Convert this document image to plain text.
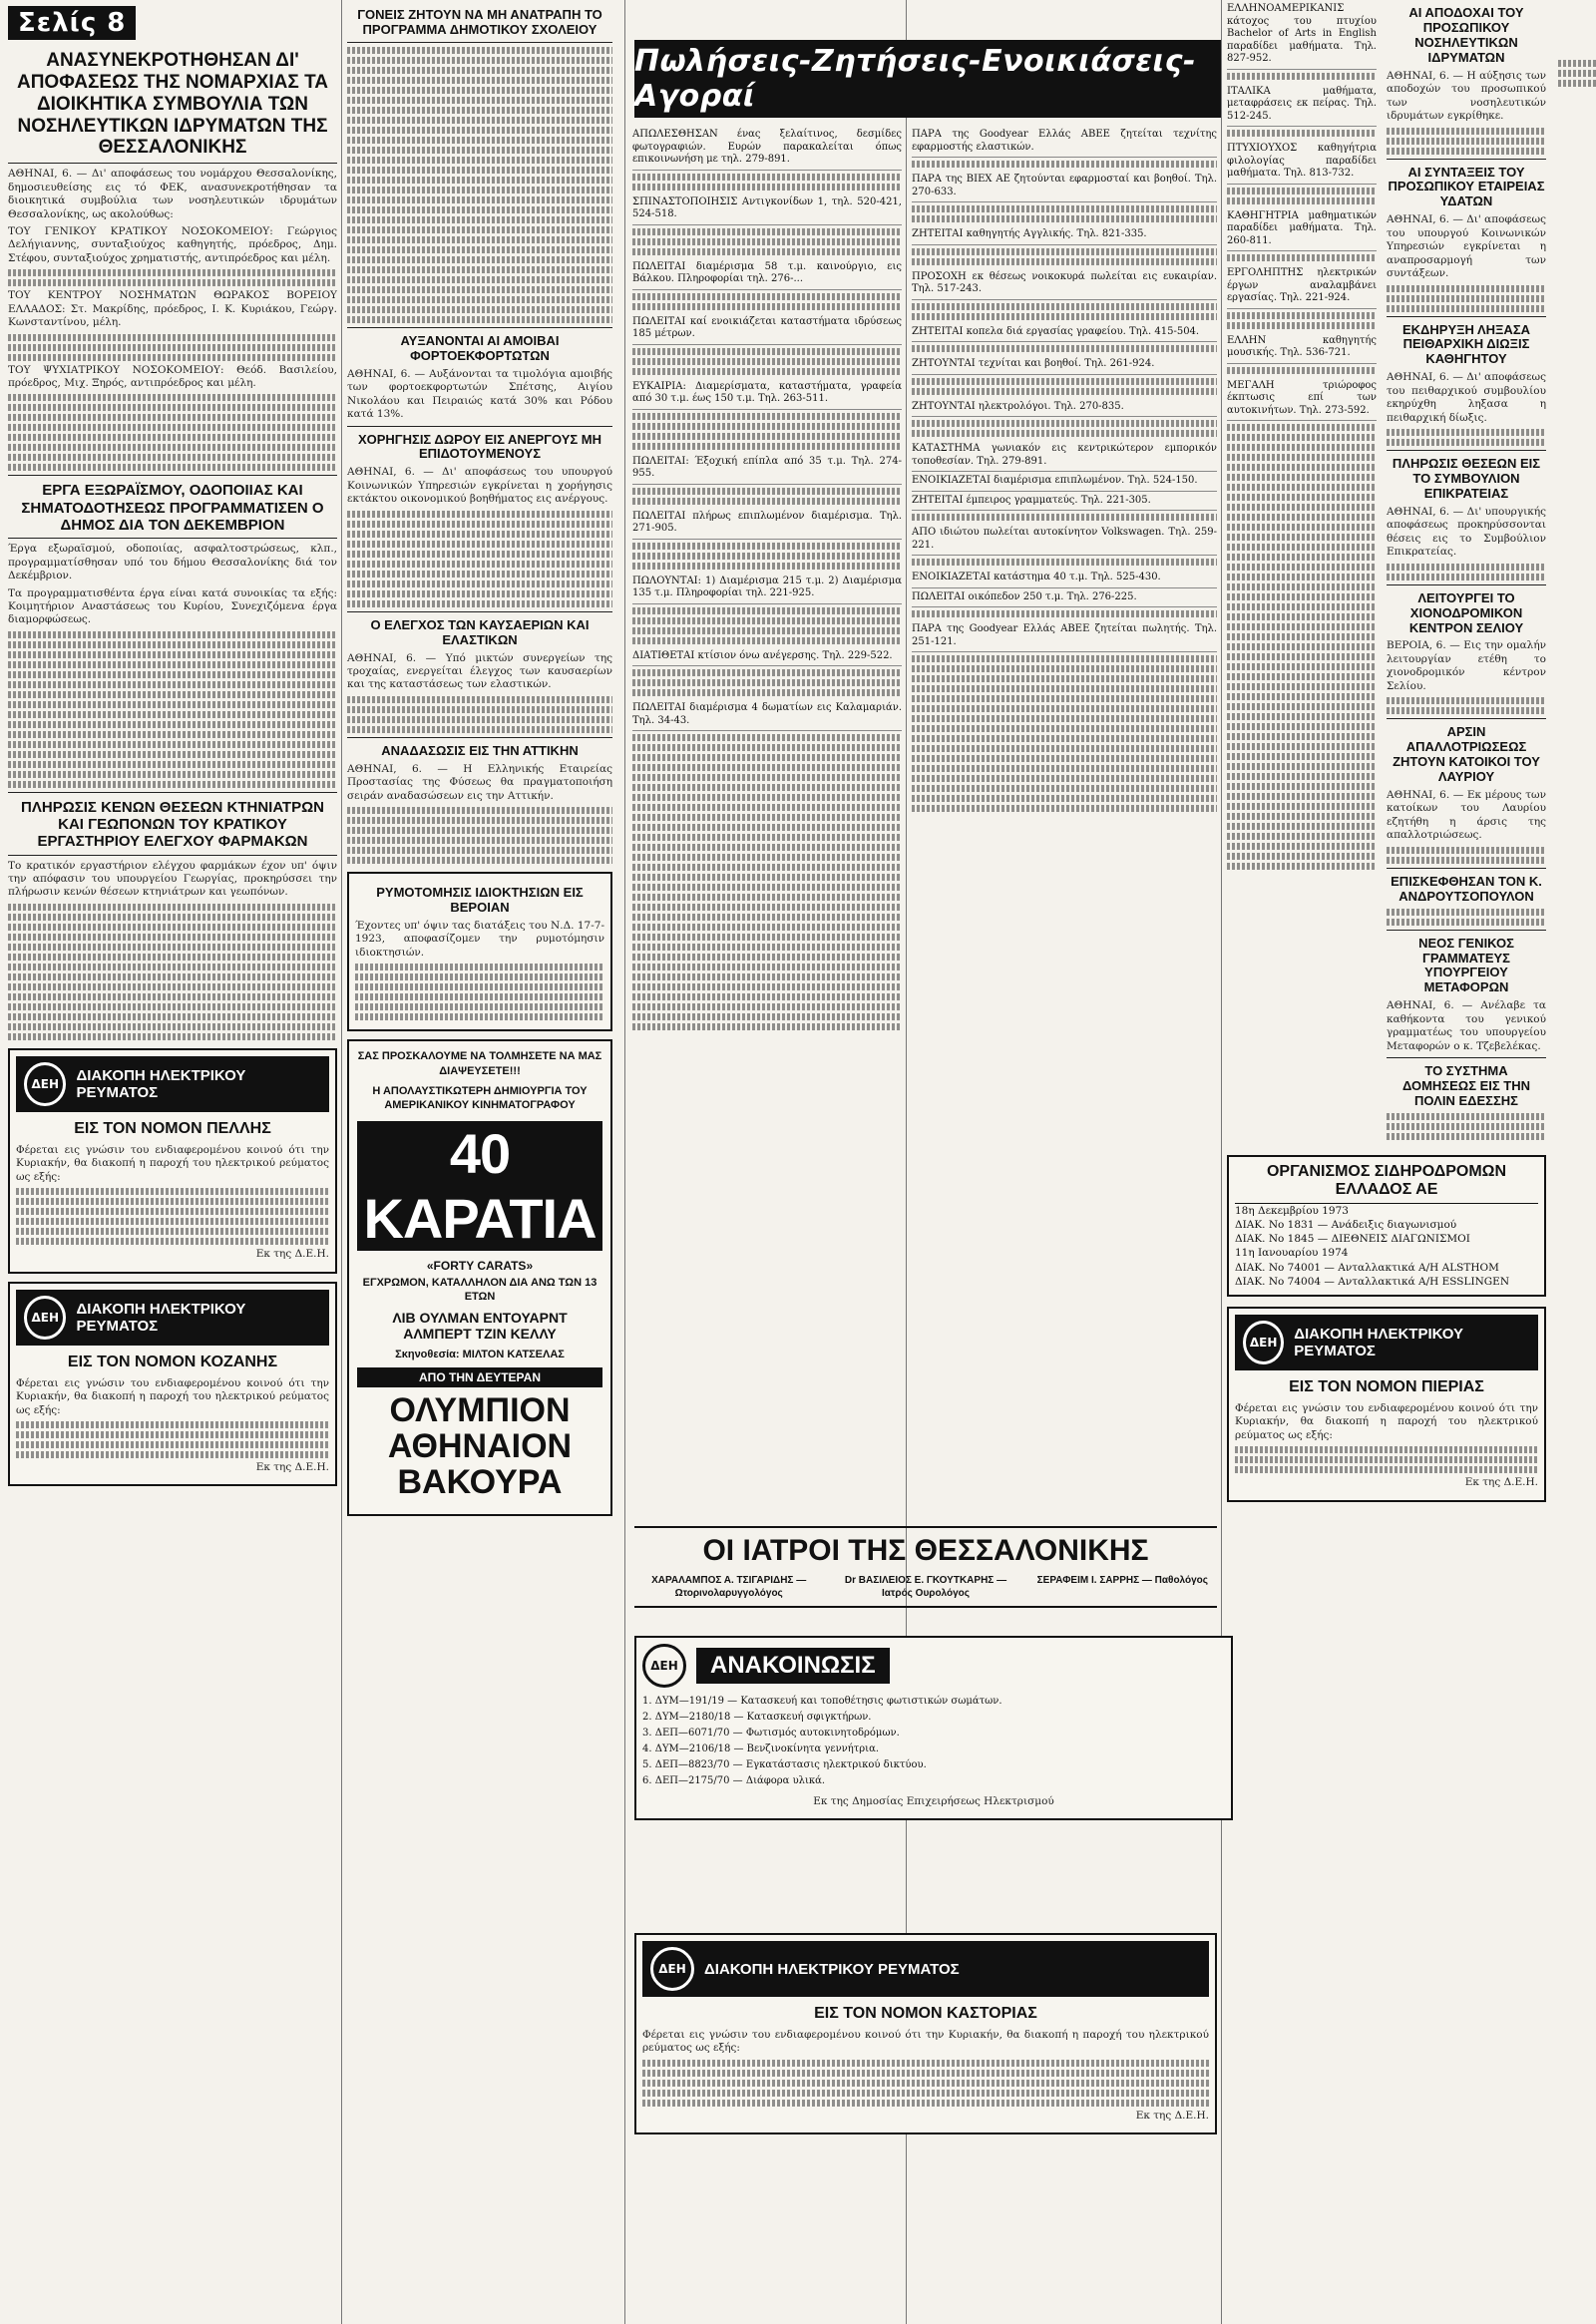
Σελίς 8
ΑΝΑΣΥΝΕΚΡΟΤΗΘΗΣΑΝ ΔΙ' ΑΠΟΦΑΣΕΩΣ ΤΗΣ ΝΟΜΑΡΧΙΑΣ ΤΑ ΔΙΟΙΚΗΤΙΚΑ ΣΥΜΒΟΥΛΙΑ ΤΩΝ ΝΟΣΗΛΕΥΤΙΚΩΝ ΙΔΡΥΜΑΤΩΝ ΤΗΣ ΘΕΣΣΑΛΟΝΙΚΗΣ

ΑΘΗΝΑΙ, 6. — Δι' αποφάσεως του νομάρχου Θεσσαλονίκης, δημοσιευθείσης εις τό ΦΕΚ, ανασυνεκροτήθησαν τα διοικητικά συμβούλια των νοσηλευτικών ιδρυμάτων Θεσσαλονίκης, ως ακολούθως:

ΤΟΥ ΓΕΝΙΚΟΥ ΚΡΑΤΙΚΟΥ ΝΟΣΟΚΟΜΕΙΟΥ: Γεώργιος Δελήγιαννης, συνταξιούχος καθηγητής, πρόεδρος, Δημ. Στέφου, συνταξιούχος χρηματιστής, αντιπρόεδρος και μέλη.

ΤΟΥ ΚΕΝΤΡΟΥ ΝΟΣΗΜΑΤΩΝ ΘΩΡΑΚΟΣ ΒΟΡΕΙΟΥ ΕΛΛΑΔΟΣ: Στ. Μακρίδης, πρόεδρος, Ι. Κ. Κυριάκου, Γεώργ. Κωνσταντίνου, μέλη.

ΤΟΥ ΨΥΧΙΑΤΡΙΚΟΥ ΝΟΣΟΚΟΜΕΙΟΥ: Θεόδ. Βασιλείου, πρόεδρος, Μιχ. Ξηρός, αντιπρόεδρος και μέλη.

ΕΡΓΑ ΕΞΩΡΑΪΣΜΟΥ, ΟΔΟΠΟΙΙΑΣ ΚΑΙ ΣΗΜΑΤΟΔΟΤΗΣΕΩΣ ΠΡΟΓΡΑΜΜΑΤΙΣΕΝ Ο ΔΗΜΟΣ ΔΙΑ ΤΟΝ ΔΕΚΕΜΒΡΙΟΝ

Έργα εξωραϊσμού, οδοποιίας, ασφαλτοστρώσεως, κλπ., προγραμματίσθησαν υπό του δήμου Θεσσαλονίκης διά τον Δεκέμβριον.

Τα προγραμματισθέντα έργα είναι κατά συνοικίας τα εξής: Κοιμητήριον Αναστάσεως του Κυρίου, Συνεχιζόμενα έργα διαμορφώσεως.

ΠΛΗΡΩΣΙΣ ΚΕΝΩΝ ΘΕΣΕΩΝ ΚΤΗΝΙΑΤΡΩΝ ΚΑΙ ΓΕΩΠΟΝΩΝ ΤΟΥ ΚΡΑΤΙΚΟΥ ΕΡΓΑΣΤΗΡΙΟΥ ΕΛΕΓΧΟΥ ΦΑΡΜΑΚΩΝ

Το κρατικόν εργαστήριον ελέγχου φαρμάκων έχον υπ' όψιν την απόφασιν του υπουργείου Γεωργίας, προκηρύσσει την πλήρωσιν κενών θέσεων κτηνιάτρων και γεωπόνων.

ΔΕΗ	ΔΙΑΚΟΠΗ ΗΛΕΚΤΡΙΚΟΥ ΡΕΥΜΑΤΟΣ
ΕΙΣ ΤΟΝ ΝΟΜΟΝ ΠΕΛΛΗΣ

Φέρεται εις γνώσιν του ενδιαφερομένου κοινού ότι την Κυριακήν, θα διακοπή η παροχή του ηλεκτρικού ρεύματος ως εξής:

Εκ της Δ.Ε.Η.

ΔΕΗ	ΔΙΑΚΟΠΗ ΗΛΕΚΤΡΙΚΟΥ ΡΕΥΜΑΤΟΣ
ΕΙΣ ΤΟΝ ΝΟΜΟΝ ΚΟΖΑΝΗΣ

Φέρεται εις γνώσιν του ενδιαφερομένου κοινού ότι την Κυριακήν, θα διακοπή η παροχή του ηλεκτρικού ρεύματος ως εξής:

Εκ της Δ.Ε.Η.

ΓΟΝΕΙΣ ΖΗΤΟΥΝ ΝΑ ΜΗ ΑΝΑΤΡΑΠΗ ΤΟ ΠΡΟΓΡΑΜΜΑ ΔΗΜΟΤΙΚΟΥ ΣΧΟΛΕΙΟΥ
ΑΥΞΑΝΟΝΤΑΙ ΑΙ ΑΜΟΙΒΑΙ ΦΟΡΤΟΕΚΦΟΡΤΩΤΩΝ

ΑΘΗΝΑΙ, 6. — Αυξάνονται τα τιμολόγια αμοιβής των φορτοεκφορτωτών Σπέτσης, Αιγίου Νικολάου και Πειραιώς κατά 30% και Ρόδου κατά 13%.

ΧΟΡΗΓΗΣΙΣ ΔΩΡΟΥ ΕΙΣ ΑΝΕΡΓΟΥΣ ΜΗ ΕΠΙΔΟΤΟΥΜΕΝΟΥΣ

ΑΘΗΝΑΙ, 6. — Δι' αποφάσεως του υπουργού Κοινωνικών Υπηρεσιών εγκρίνεται η χορήγησις εκτάκτου οικονομικού βοηθήματος εις ανέργους.

Ο ΕΛΕΓΧΟΣ ΤΩΝ ΚΑΥΣΑΕΡΙΩΝ ΚΑΙ ΕΛΑΣΤΙΚΩΝ

ΑΘΗΝΑΙ, 6. — Υπό μικτών συνεργείων της τροχαίας, ενεργείται έλεγχος των καυσαερίων και της καταστάσεως των ελαστικών.

ΑΝΑΔΑΣΩΣΙΣ ΕΙΣ ΤΗΝ ΑΤΤΙΚΗΝ

ΑΘΗΝΑΙ, 6. — Η Ελληνικής Εταιρείας Προστασίας της Φύσεως θα πραγματοποιήση σειράν αναδασώσεων εις την Αττικήν.

ΡΥΜΟΤΟΜΗΣΙΣ ΙΔΙΟΚΤΗΣΙΩΝ ΕΙΣ ΒΕΡΟΙΑΝ

Έχοντες υπ' όψιν τας διατάξεις του Ν.Δ. 17-7-1923, αποφασίζομεν την ρυμοτόμησιν ιδιοκτησιών.

ΣΑΣ ΠΡΟΣΚΑΛΟΥΜΕ ΝΑ ΤΟΛΜΗΣΕΤΕ ΝΑ ΜΑΣ ΔΙΑΨΕΥΣΕΤΕ!!!
Η ΑΠΟΛΑΥΣΤΙΚΩΤΕΡΗ ΔΗΜΙΟΥΡΓΙΑ ΤΟΥ ΑΜΕΡΙΚΑΝΙΚΟΥ ΚΙΝΗΜΑΤΟΓΡΑΦΟΥ
40 ΚΑΡΑΤΙΑ
«FORTY CARATS»
ΕΓΧΡΩΜΟΝ, ΚΑΤΑΛΛΗΛΟΝ ΔΙΑ ΑΝΩ ΤΩΝ 13 ΕΤΩΝ
ΛΙΒ ΟΥΛΜΑΝ ΕΝΤΟΥΑΡΝΤ ΑΛΜΠΕΡΤ ΤΖΙΝ ΚΕΛΛΥ
Σκηνοθεσία: ΜΙΛΤΟΝ ΚΑΤΣΕΛΑΣ
ΑΠΟ ΤΗΝ ΔΕΥΤΕΡΑΝ
ΟΛΥΜΠΙΟΝ ΑΘΗΝΑΙΟΝ ΒΑΚΟΥΡΑ
Πωλήσεις-Ζητήσεις-Ενοικιάσεις-Αγοραί
ΑΠΩΛΕΣΘΗΣΑΝ ένας ξελαίτινος, δεσμίδες φωτογραφιών. Ευρών παρακαλείται όπως επικοινωνήση με τηλ. 279-891.
ΣΠΙΝΑΣΤΟΠΟΙΗΣΙΣ Αντιγκονίδων 1, τηλ. 520-421, 524-518.
ΠΩΛΕΙΤΑΙ διαμέρισμα 58 τ.μ. καινούργιο, εις Βάλκου. Πληροφορίαι τηλ. 276-...
ΠΩΛΕΙΤΑΙ καί ενοικιάζεται καταστήματα ιδρύσεως 185 μέτρων.
ΕΥΚΑΙΡΙΑ: Διαμερίσματα, καταστήματα, γραφεία από 30 τ.μ. έως 150 τ.μ. Τηλ. 263-511.
ΠΩΛΕΙΤΑΙ: Έξοχική επίπλα από 35 τ.μ. Τηλ. 274-955.
ΠΩΛΕΙΤΑΙ πλήρως επιπλωμένον διαμέρισμα. Τηλ. 271-905.
ΠΩΛΟΥΝΤΑΙ: 1) Διαμέρισμα 215 τ.μ. 2) Διαμέρισμα 135 τ.μ. Πληροφορίαι τηλ. 221-925.
ΔΙΑΤΙΘΕΤΑΙ κτίσιον όνω ανέγερσης. Τηλ. 229-522.
ΠΩΛΕΙΤΑΙ διαμέρισμα 4 δωματίων εις Καλαμαριάν. Τηλ. 34-43.
ΠΑΡΑ της Goodyear Ελλάς ΑΒΕΕ ζητείται τεχνίτης εφαρμοστής ελαστικών.
ΠΑΡΑ της ΒΙΕΧ ΑΕ ζητούνται εφαρμοσταί και βοηθοί. Τηλ. 270-633.
ΖΗΤΕΙΤΑΙ καθηγητής Αγγλικής. Τηλ. 821-335.
ΠΡΟΣΟΧΗ εκ θέσεως νοικοκυρά πωλείται εις ευκαιρίαν. Τηλ. 517-243.
ΖΗΤΕΙΤΑΙ κοπελα διά εργασίας γραφείου. Τηλ. 415-504.
ΖΗΤΟΥΝΤΑΙ τεχνίται και βοηθοί. Τηλ. 261-924.
ΖΗΤΟΥΝΤΑΙ ηλεκτρολόγοι. Τηλ. 270-835.
ΚΑΤΑΣΤΗΜΑ γωνιακόν εις κεντρικώτερον εμπορικόν τοποθεσίαν. Τηλ. 279-891.
ΕΝΟΙΚΙΑΖΕΤΑΙ διαμέρισμα επιπλωμένον. Τηλ. 524-150.
ΖΗΤΕΙΤΑΙ έμπειρος γραμματεύς. Τηλ. 221-305.
ΑΠΟ ιδιώτου πωλείται αυτοκίνητον Volkswagen. Τηλ. 259-221.
ΕΝΟΙΚΙΑΖΕΤΑΙ κατάστημα 40 τ.μ. Τηλ. 525-430.
ΠΩΛΕΙΤΑΙ οικόπεδον 250 τ.μ. Τηλ. 276-225.
ΠΑΡΑ της Goodyear Ελλάς ΑΒΕΕ ζητείται πωλητής. Τηλ. 251-121.
ΕΛΛΗΝΟΑΜΕΡΙΚΑΝΙΣ κάτοχος του πτυχίου Bachelor of Arts in English παραδίδει μαθήματα. Τηλ. 827-952.
ΙΤΑΛΙΚΑ μαθήματα, μεταφράσεις εκ πείρας. Τηλ. 512-245.
ΠΤΥΧΙΟΥΧΟΣ καθηγήτρια φιλολογίας παραδίδει μαθήματα. Τηλ. 813-732.
ΚΑΘΗΓΗΤΡΙΑ μαθηματικών παραδίδει μαθήματα. Τηλ. 260-811.
ΕΡΓΟΛΗΠΤΗΣ ηλεκτρικών έργων αναλαμβάνει εργασίας. Τηλ. 221-924.
ΕΛΛΗΝ καθηγητής μουσικής. Τηλ. 536-721.
ΜΕΓΑΛΗ τριώροφος έκπτωσις επί των αυτοκινήτων. Τηλ. 273-592.
ΑΙ ΑΠΟΔΟΧΑΙ ΤΟΥ ΠΡΟΣΩΠΙΚΟΥ ΝΟΣΗΛΕΥΤΙΚΩΝ ΙΔΡΥΜΑΤΩΝ

ΑΘΗΝΑΙ, 6. — Η αύξησις των αποδοχών του προσωπικού των νοσηλευτικών ιδρυμάτων εγκρίθηκε.

ΑΙ ΣΥΝΤΑΞΕΙΣ ΤΟΥ ΠΡΟΣΩΠΙΚΟΥ ΕΤΑΙΡΕΙΑΣ ΥΔΑΤΩΝ

ΑΘΗΝΑΙ, 6. — Δι' αποφάσεως του υπουργού Κοινωνικών Υπηρεσιών εγκρίνεται η αναπροσαρμογή των συντάξεων.

ΕΚΔΗΡΥΞΗ ΛΗΞΑΣΑ ΠΕΙΘΑΡΧΙΚΗ ΔΙΩΞΙΣ ΚΑΘΗΓΗΤΟΥ

ΑΘΗΝΑΙ, 6. — Δι' αποφάσεως του πειθαρχικού συμβουλίου εκηρύχθη ληξασα η πειθαρχική δίωξις.

ΠΛΗΡΩΣΙΣ ΘΕΣΕΩΝ ΕΙΣ ΤΟ ΣΥΜΒΟΥΛΙΟΝ ΕΠΙΚΡΑΤΕΙΑΣ

ΑΘΗΝΑΙ, 6. — Δι' υπουργικής αποφάσεως προκηρύσσονται θέσεις εις το Συμβούλιον Επικρατείας.

ΛΕΙΤΟΥΡΓΕΙ ΤΟ ΧΙΟΝΟΔΡΟΜΙΚΟΝ ΚΕΝΤΡΟΝ ΣΕΛΙΟΥ

ΒΕΡΟΙΑ, 6. — Εις την ομαλήν λειτουργίαν ετέθη το χιονοδρομικόν κέντρον Σελίου.

ΑΡΣΙΝ ΑΠΑΛΛΟΤΡΙΩΣΕΩΣ ΖΗΤΟΥΝ ΚΑΤΟΙΚΟΙ ΤΟΥ ΛΑΥΡΙΟΥ

ΑΘΗΝΑΙ, 6. — Εκ μέρους των κατοίκων του Λαυρίου εζητήθη η άρσις της απαλλοτριώσεως.

ΕΠΙΣΚΕΦΘΗΣΑΝ ΤΟΝ Κ. ΑΝΔΡΟΥΤΣΟΠΟΥΛΟΝ
ΝΕΟΣ ΓΕΝΙΚΟΣ ΓΡΑΜΜΑΤΕΥΣ ΥΠΟΥΡΓΕΙΟΥ ΜΕΤΑΦΟΡΩΝ

ΑΘΗΝΑΙ, 6. — Ανέλαβε τα καθήκοντα του γενικού γραμματέως του υπουργείου Μεταφορών ο κ. Τζεβελέκας.

ΤΟ ΣΥΣΤΗΜΑ ΔΟΜΗΣΕΩΣ ΕΙΣ ΤΗΝ ΠΟΛΙΝ ΕΔΕΣΣΗΣ
ΟΡΓΑΝΙΣΜΟΣ ΣΙΔΗΡΟΔΡΟΜΩΝ ΕΛΛΑΔΟΣ ΑΕ
18η Δεκεμβρίου 1973
ΔΙΑΚ. Νο 1831 — Ανάδειξις διαγωνισμού
ΔΙΑΚ. Νο 1845 — ΔΙΕΘΝΕΙΣ ΔΙΑΓΩΝΙΣΜΟΙ
11η Ιανουαρίου 1974
ΔΙΑΚ. Νο 74001 — Ανταλλακτικά Α/Η ALSTHOM
ΔΙΑΚ. Νο 74004 — Ανταλλακτικά Α/Η ESSLINGEN
ΔΕΗ	ΔΙΑΚΟΠΗ ΗΛΕΚΤΡΙΚΟΥ ΡΕΥΜΑΤΟΣ
ΕΙΣ ΤΟΝ ΝΟΜΟΝ ΠΙΕΡΙΑΣ

Φέρεται εις γνώσιν του ενδιαφερομένου κοινού ότι την Κυριακήν, θα διακοπή η παροχή του ηλεκτρικού ρεύματος ως εξής:

Εκ της Δ.Ε.Η.

ΟΙ ΙΑΤΡΟΙ ΤΗΣ ΘΕΣΣΑΛΟΝΙΚΗΣ
ΧΑΡΑΛΑΜΠΟΣ Α. ΤΣΙΓΑΡΙΔΗΣ — Ωτορινολαρυγγολόγος
Dr ΒΑΣΙΛΕΙΟΣ Ε. ΓΚΟΥΤΚΑΡΗΣ — Ιατρός Ουρολόγος
ΣΕΡΑΦΕΙΜ Ι. ΣΑΡΡΗΣ — Παθολόγος
ΔΕΗ	ΑΝΑΚΟΙΝΩΣΙΣ
1. ΔΥΜ—191/19 — Κατασκευή και τοποθέτησις φωτιστικών σωμάτων.
2. ΔΥΜ—2180/18 — Κατασκευή σφιγκτήρων.
3. ΔΕΠ—6071/70 — Φωτισμός αυτοκινητοδρόμων.
4. ΔΥΜ—2106/18 — Βενζινοκίνητα γεννήτρια.
5. ΔΕΠ—8823/70 — Εγκατάστασις ηλεκτρικού δικτύου.
6. ΔΕΠ—2175/70 — Διάφορα υλικά.

Εκ της Δημοσίας Επιχειρήσεως Ηλεκτρισμού

ΔΕΗ	ΔΙΑΚΟΠΗ ΗΛΕΚΤΡΙΚΟΥ ΡΕΥΜΑΤΟΣ
ΕΙΣ ΤΟΝ ΝΟΜΟΝ ΚΑΣΤΟΡΙΑΣ

Φέρεται εις γνώσιν του ενδιαφερομένου κοινού ότι την Κυριακήν, θα διακοπή η παροχή του ηλεκτρικού ρεύματος ως εξής:

Εκ της Δ.Ε.Η.
